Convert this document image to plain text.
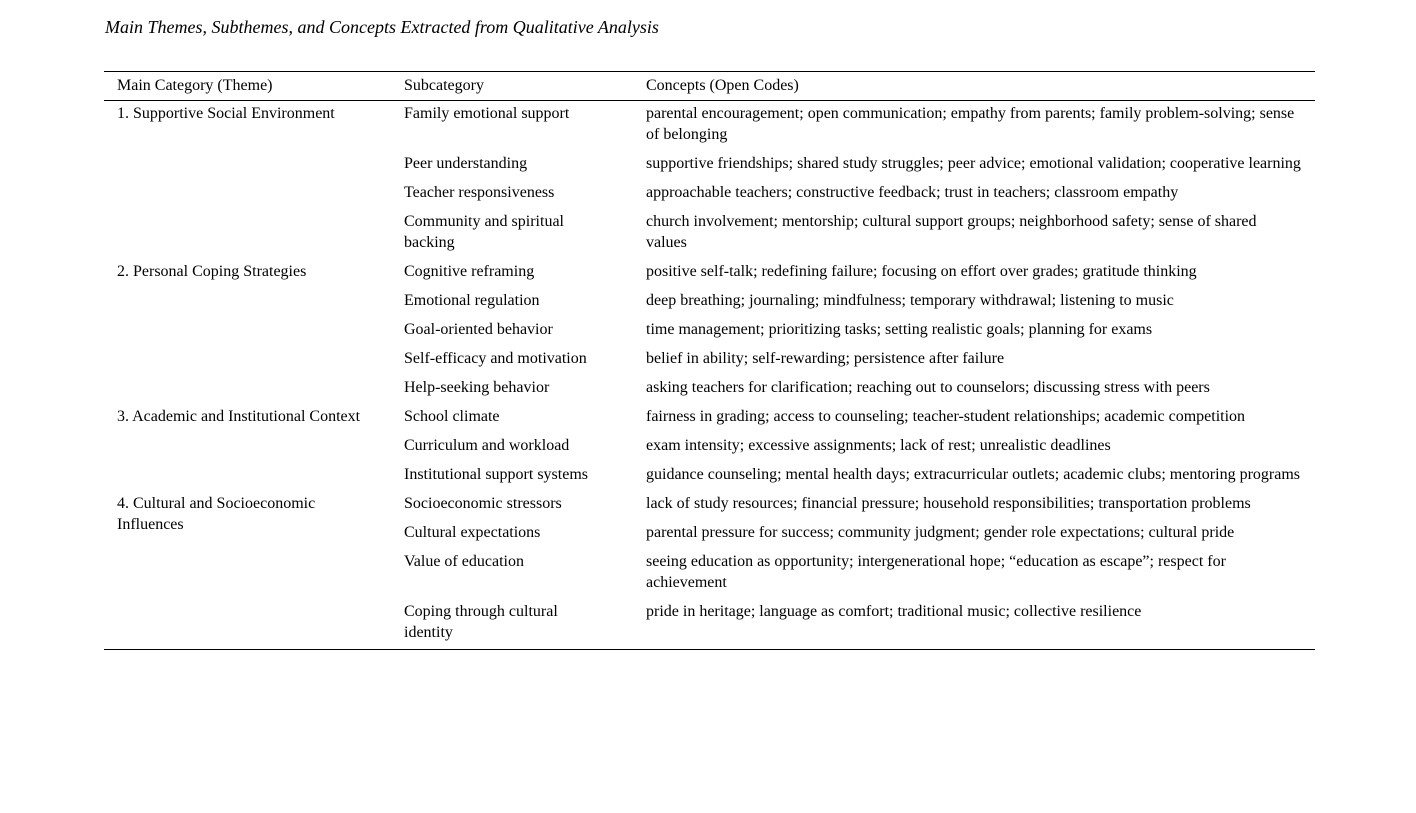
Main Themes, Subthemes, and Concepts Extracted from Qualitative Analysis
Main Category (Theme)	Subcategory	Concepts (Open Codes)
1. Supportive Social Environment	Family emotional support	parental encouragement; open communication; empathy from parents; family problem-solving; sense of belonging
	Peer understanding	supportive friendships; shared study struggles; peer advice; emotional validation; cooperative learning
	Teacher responsiveness	approachable teachers; constructive feedback; trust in teachers; classroom empathy
	Community and spiritual backing	church involvement; mentorship; cultural support groups; neighborhood safety; sense of shared values
2. Personal Coping Strategies	Cognitive reframing	positive self-talk; redefining failure; focusing on effort over grades; gratitude thinking
	Emotional regulation	deep breathing; journaling; mindfulness; temporary withdrawal; listening to music
	Goal-oriented behavior	time management; prioritizing tasks; setting realistic goals; planning for exams
	Self-efficacy and motivation	belief in ability; self-rewarding; persistence after failure
	Help-seeking behavior	asking teachers for clarification; reaching out to counselors; discussing stress with peers
3. Academic and Institutional Context	School climate	fairness in grading; access to counseling; teacher-student relationships; academic competition
	Curriculum and workload	exam intensity; excessive assignments; lack of rest; unrealistic deadlines
	Institutional support systems	guidance counseling; mental health days; extracurricular outlets; academic clubs; mentoring programs
4. Cultural and Socioeconomic Influences	Socioeconomic stressors	lack of study resources; financial pressure; household responsibilities; transportation problems
	Cultural expectations	parental pressure for success; community judgment; gender role expectations; cultural pride
	Value of education	seeing education as opportunity; intergenerational hope; “education as escape”; respect for achievement
	Coping through cultural identity	pride in heritage; language as comfort; traditional music; collective resilience
